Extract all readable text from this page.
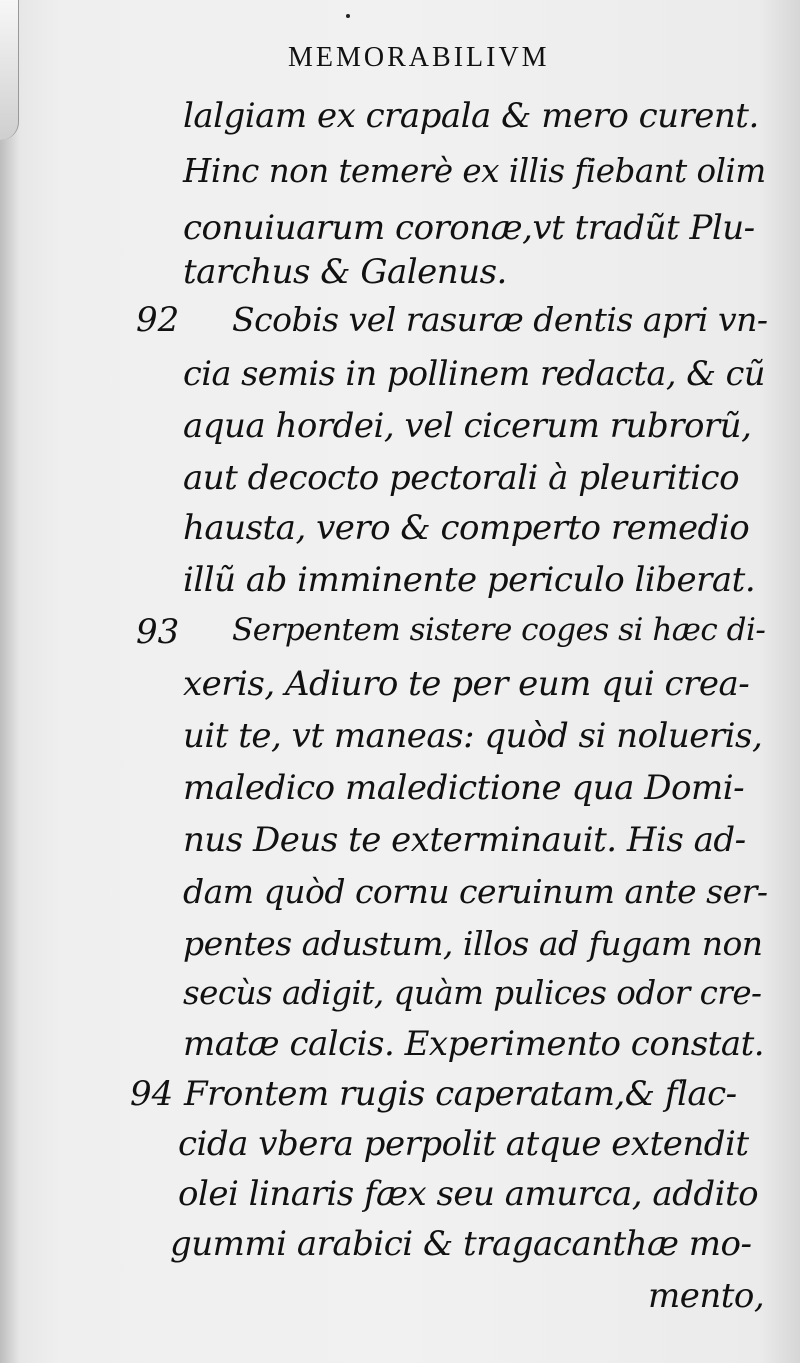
MEMORABILIVM
lalgiam ex crapala & mero curent.
Hinc non temerè ex illis fiebant olim
conuiuarum coronæ,vt tradũt Plu-
tarchus & Galenus.
92 Scobis vel rasuræ dentis apri vn-
cia semis in pollinem redacta, & cũ
aqua hordei, vel cicerum rubrorũ,
aut decocto pectorali à pleuritico
hausta, vero & comperto remedio
illũ ab imminente periculo liberat.
93 Serpentem sistere coges si hæc di-
xeris, Adiuro te per eum qui crea-
uit te, vt maneas: quòd si nolueris,
maledico maledictione qua Domi-
nus Deus te exterminauit. His ad-
dam quòd cornu ceruinum ante ser-
pentes adustum, illos ad fugam non
secùs adigit, quàm pulices odor cre-
matæ calcis. Experimento constat.
94 Frontem rugis caperatam,& flac-
cida vbera perpolit atque extendit
olei linaris fæx seu amurca, addito
gummi arabici & tragacanthæ mo-
mento,
